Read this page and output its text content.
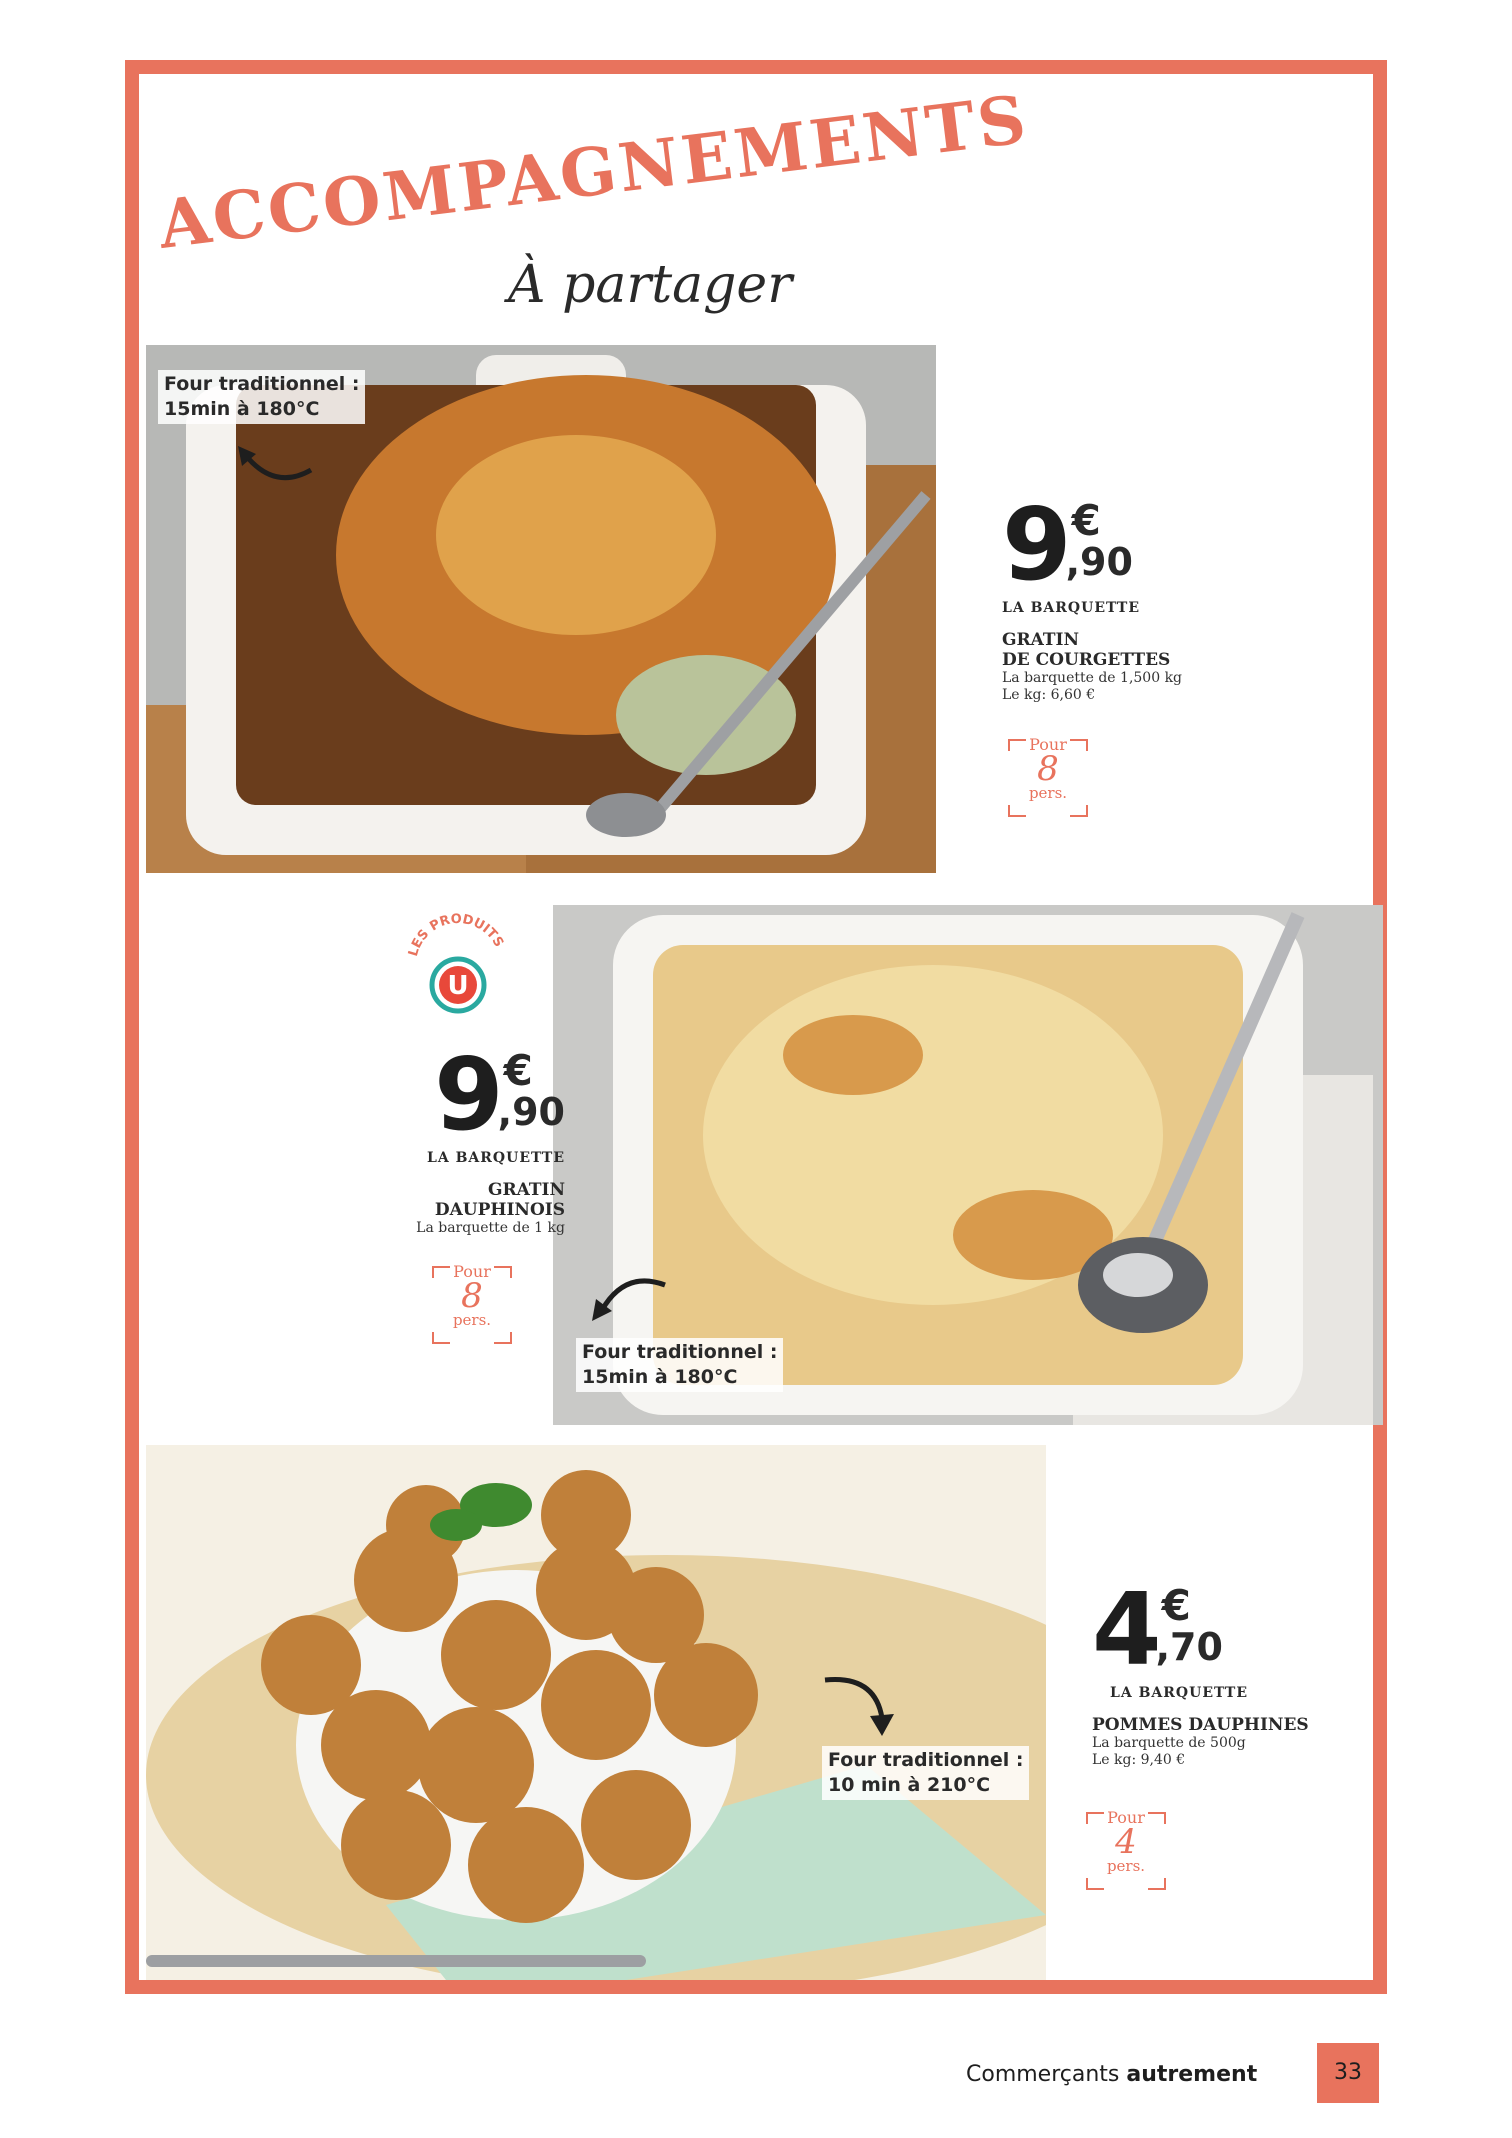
ACCOMPAGNEMENTS
À partager
Four traditionnel :
15min à 180°C
9 €
,90
LA BARQUETTE
GRATIN
DE COURGETTES
La barquette de 1,500 kg
Le kg: 6,60 €
Pour
8
pers.
Four traditionnel :
15min à 180°C
LES PRODUITS
U
9 €
,90
LA BARQUETTE
GRATIN
DAUPHINOIS
La barquette de 1 kg
Pour
8
pers.
Four traditionnel :
10 min à 210°C
4 €
,70
LA BARQUETTE
POMMES DAUPHINES
La barquette de 500g
Le kg: 9,40 €
Pour
4
pers.
Commerçants autrement	33
